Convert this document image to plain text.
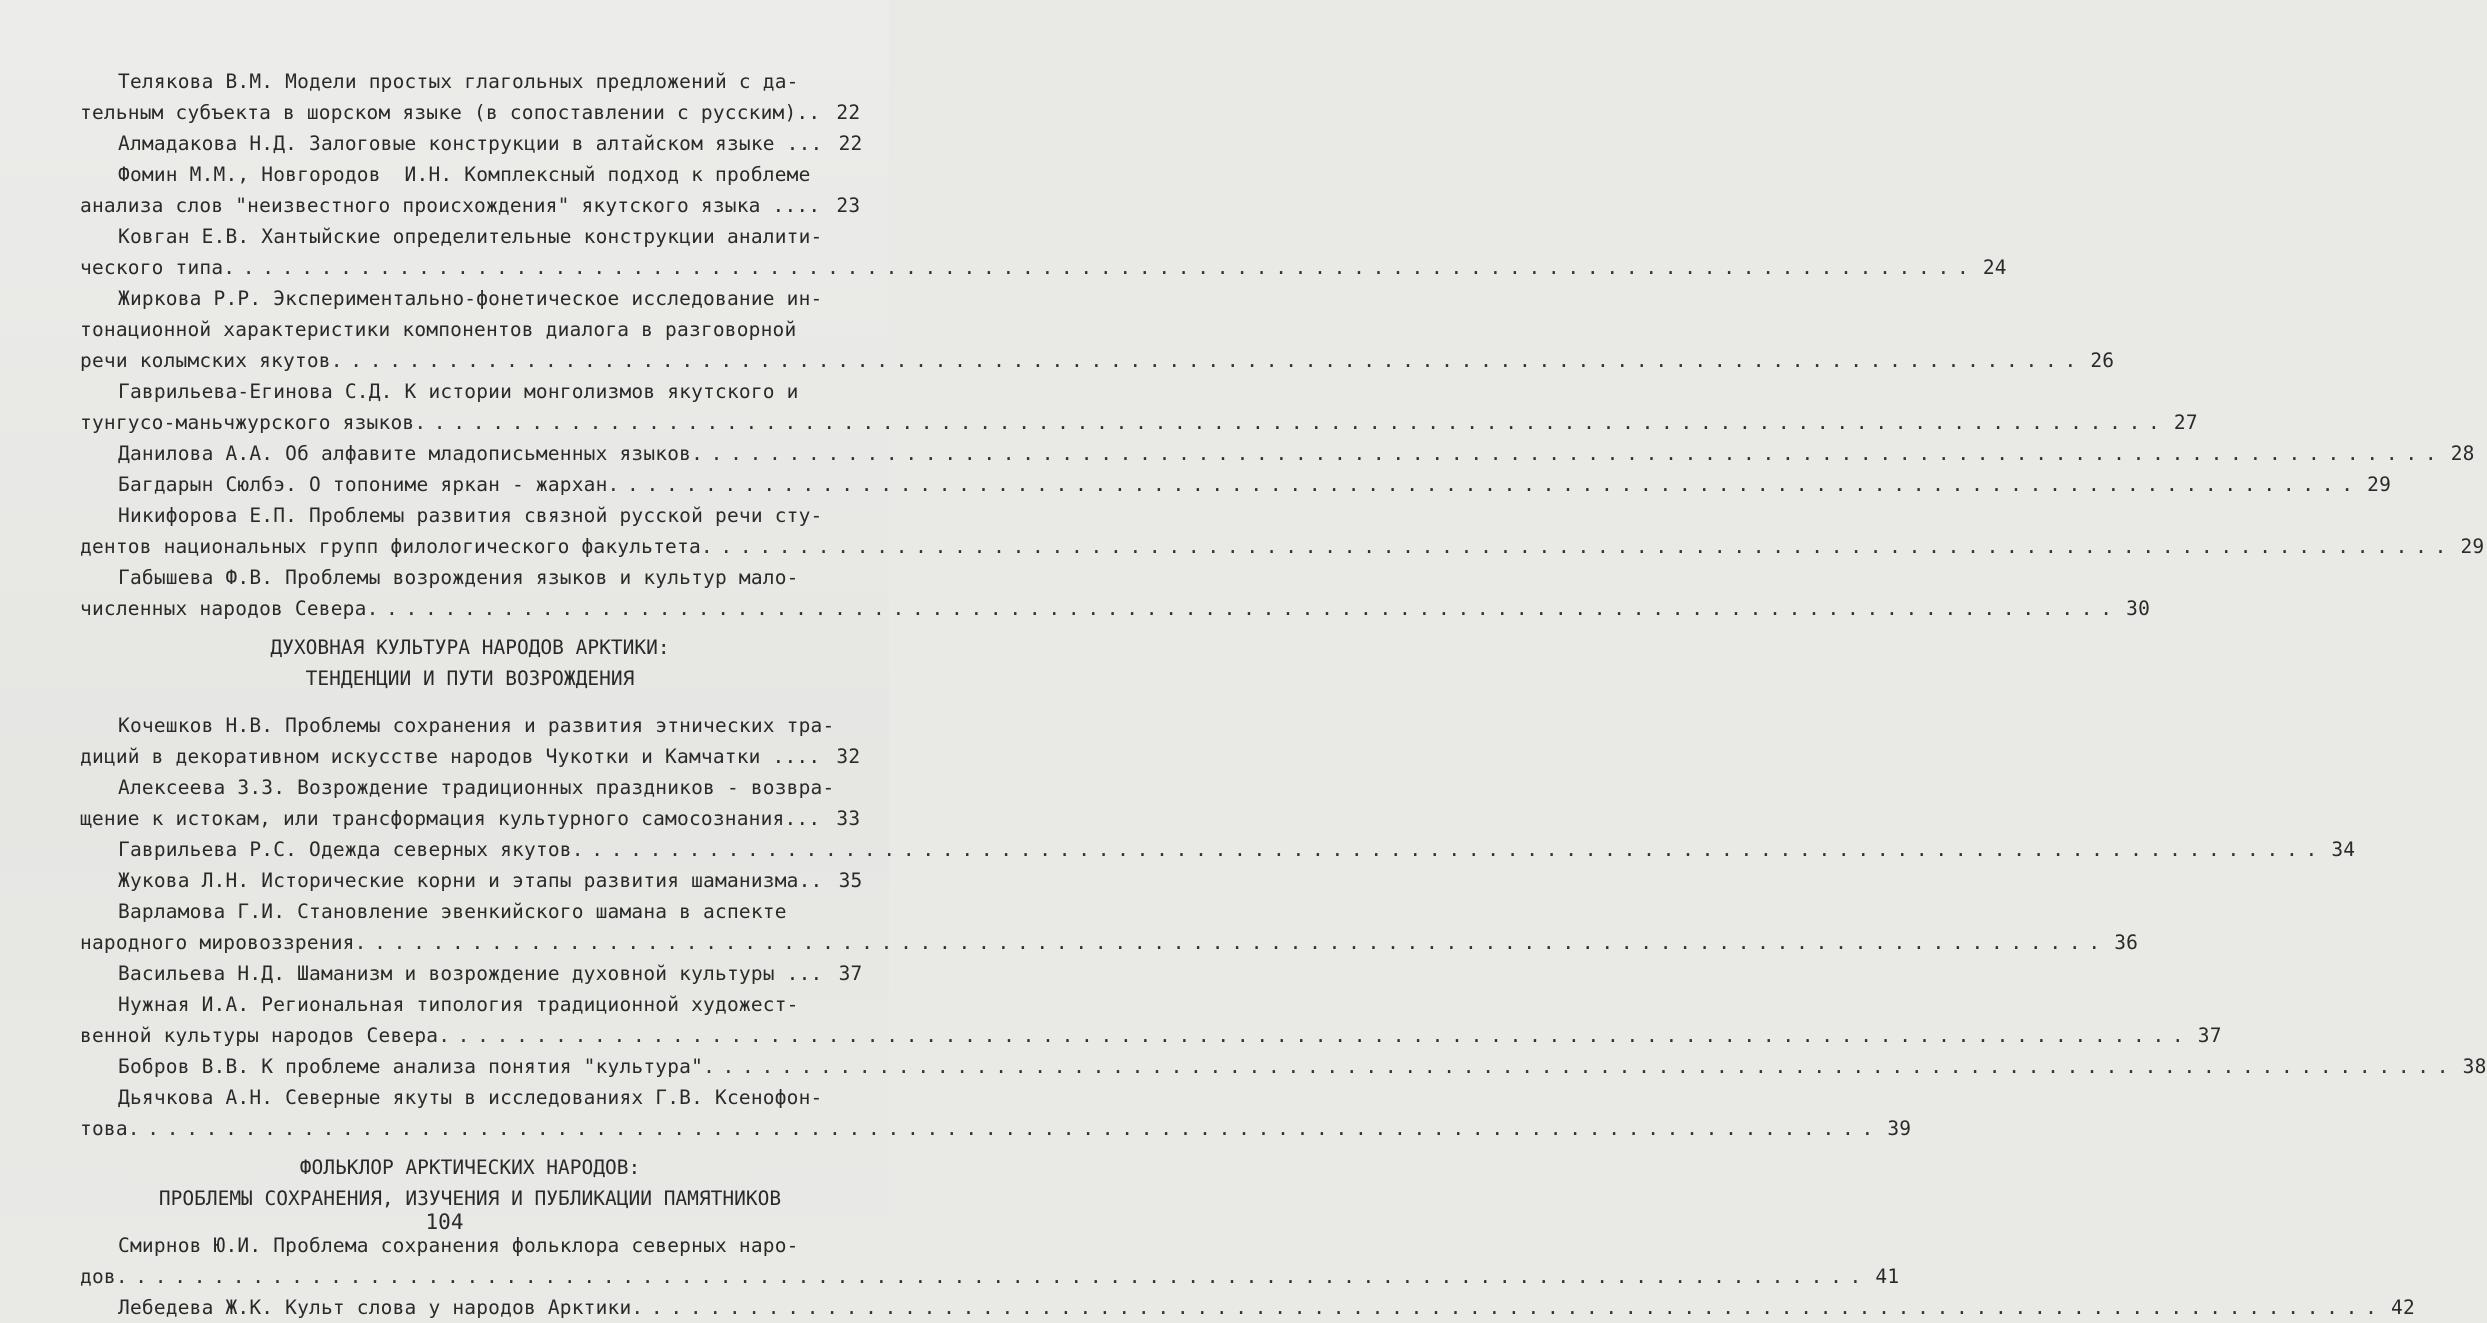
Телякова В.М. Модели простых глагольных предложений с да-
тельным субъекта в шорском языке (в сопоставлении с русским).. 22
Алмадакова Н.Д. Залоговые конструкции в алтайском языке ... 22
Фомин М.М., Новгородов  И.Н. Комплексный подход к проблеме
анализа слов "неизвестного происхождения" якутского языка .... 23
Ковган Е.В. Хантыйские определительные конструкции аналити-
ческого типа . . .	24
Жиркова Р.Р. Экспериментально-фонетическое исследование ин-
тонационной характеристики компонентов диалога в разговорной
речи колымских якутов . . .	26
Гаврильева-Егинова С.Д. К истории монголизмов якутского и
тунгусо-маньчжурского языков . . .	27
Данилова А.А. Об алфавите младописьменных языков . . .	28
Багдарын Сюлбэ. О топониме яркан - жархан . . .	29
Никифорова Е.П. Проблемы развития связной русской речи сту-
дентов национальных групп филологического факультета . . .	29
Габышева Ф.В. Проблемы возрождения языков и культур мало-
численных народов Севера . . .	30
ДУХОВНАЯ КУЛЬТУРА НАРОДОВ АРКТИКИ:
ТЕНДЕНЦИИ И ПУТИ ВОЗРОЖДЕНИЯ
Кочешков Н.В. Проблемы сохранения и развития этнических тра-
диций в декоративном искусстве народов Чукотки и Камчатки .... 32
Алексеева З.З. Возрождение традиционных праздников - возвра-
щение к истокам, или трансформация культурного самосознания... 33
Гаврильева Р.С. Одежда северных якутов . . .	34
Жукова Л.Н. Исторические корни и этапы развития шаманизма.. 35
Варламова Г.И. Становление эвенкийского шамана в аспекте
народного мировоззрения . . .	36
Васильева Н.Д. Шаманизм и возрождение духовной культуры ... 37
Нужная И.А. Региональная типология традиционной художест-
венной культуры народов Севера . . .	37
Бобров В.В. К проблеме анализа понятия "культура" . . .	38
Дьячкова А.Н. Северные якуты в исследованиях Г.В. Ксенофон-
това . . .	39
ФОЛЬКЛОР АРКТИЧЕСКИХ НАРОДОВ:
ПРОБЛЕМЫ СОХРАНЕНИЯ, ИЗУЧЕНИЯ И ПУБЛИКАЦИИ ПАМЯТНИКОВ
Смирнов Ю.И. Проблема сохранения фольклора северных наро-
дов . . .	41
Лебедева Ж.К. Культ слова у народов Арктики . . .	42
104
